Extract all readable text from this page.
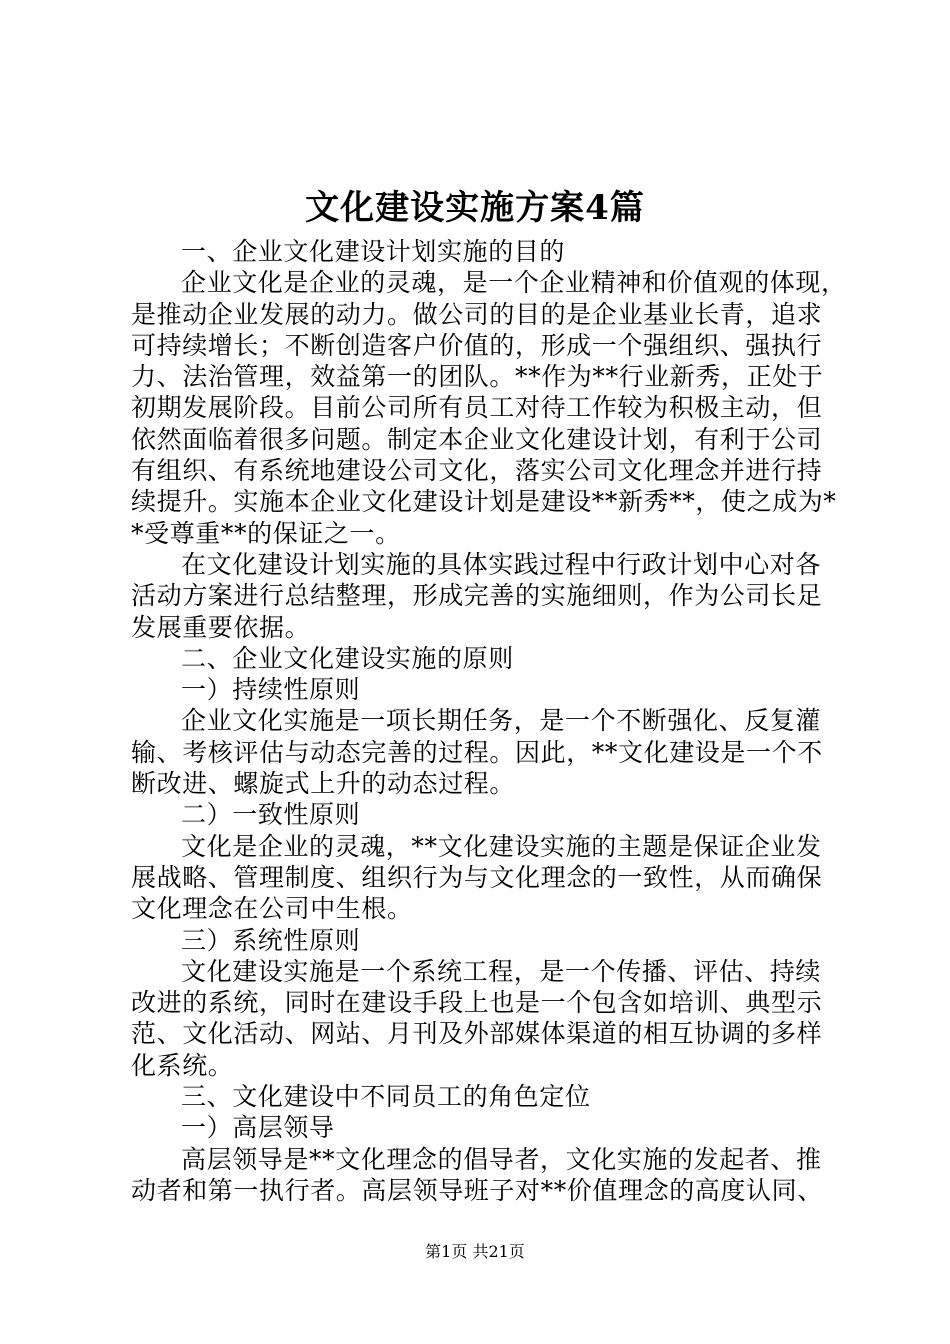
文化建设实施方案4篇
一、企业文化建设计划实施的目的
企业文化是企业的灵魂，是一个企业精神和价值观的体现，
是推动企业发展的动力。做公司的目的是企业基业长青，追求
可持续增长；不断创造客户价值的，形成一个强组织、强执行
力、法治管理，效益第一的团队。**作为**行业新秀，正处于
初期发展阶段。目前公司所有员工对待工作较为积极主动，但
依然面临着很多问题。制定本企业文化建设计划，有利于公司
有组织、有系统地建设公司文化，落实公司文化理念并进行持
续提升。实施本企业文化建设计划是建设**新秀**，使之成为*
*受尊重**的保证之一。
在文化建设计划实施的具体实践过程中行政计划中心对各
活动方案进行总结整理，形成完善的实施细则，作为公司长足
发展重要依据。
二、企业文化建设实施的原则
一）持续性原则
企业文化实施是一项长期任务，是一个不断强化、反复灌
输、考核评估与动态完善的过程。因此，**文化建设是一个不
断改进、螺旋式上升的动态过程。
二）一致性原则
文化是企业的灵魂，**文化建设实施的主题是保证企业发
展战略、管理制度、组织行为与文化理念的一致性，从而确保
文化理念在公司中生根。
三）系统性原则
文化建设实施是一个系统工程，是一个传播、评估、持续
改进的系统，同时在建设手段上也是一个包含如培训、典型示
范、文化活动、网站、月刊及外部媒体渠道的相互协调的多样
化系统。
三、文化建设中不同员工的角色定位
一）高层领导
高层领导是**文化理念的倡导者，文化实施的发起者、推
动者和第一执行者。高层领导班子对**价值理念的高度认同、
第1页 共21页
